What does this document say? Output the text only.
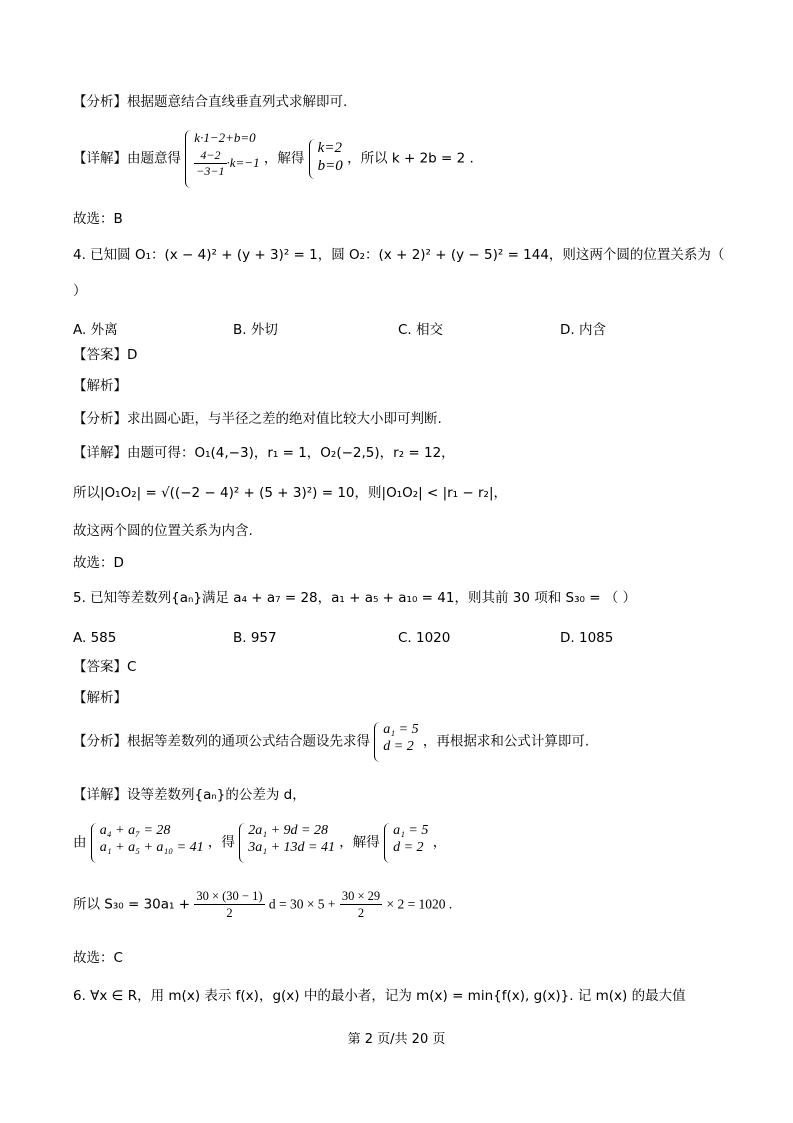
【分析】根据题意结合直线垂直列式求解即可.
【详解】由题意得
k·1−2+b=0
$\frac{4-2}{-3-1} \cdot k=-1$ ，解得
k=2
b=0 ，所以 k + 2b = 2 .
故选：B
4. 已知圆 O₁：(x − 4)² + (y + 3)² = 1，圆 O₂：(x + 2)² + (y − 5)² = 144，则这两个圆的位置关系为（
）
A. 外离	B. 外切	C. 相交	D. 内含
【答案】D
【解析】
【分析】求出圆心距，与半径之差的绝对值比较大小即可判断.
【详解】由题可得：O₁(4,−3)，r₁ = 1，O₂(−2,5)，r₂ = 12，
所以|O₁O₂| = √((−2 − 4)² + (5 + 3)²) = 10，则|O₁O₂| < |r₁ − r₂|，
故这两个圆的位置关系为内含.
故选：D
5. 已知等差数列{aₙ}满足 a₄ + a₇ = 28，a₁ + a₅ + a₁₀ = 41，则其前 30 项和 S₃₀ = （ ）
A. 585	B. 957	C. 1020	D. 1085
【答案】C
【解析】
【分析】根据等差数列的通项公式结合题设先求得
a₁ = 5
d = 2 ，再根据求和公式计算即可.
【详解】设等差数列{aₙ}的公差为 d，
由
a₄ + a₇ = 28
a₁ + a₅ + a₁₀ = 41 ，得
2a₁ + 9d = 28
3a₁ + 13d = 41 ，解得
a₁ = 5
d = 2 ，
所以 $S_{30} = 30a_1 + \frac{30 \times (30 - 1)}{2}$ $d = 30 \times 5 + \frac{30 \times 29}{2} \times 2 = 1020$ .
故选：C
6. ∀x ∈ R，用 m(x) 表示 f(x)，g(x) 中的最小者，记为 m(x) = min{f(x), g(x)}. 记 m(x) 的最大值
第 2 页/共 20 页
